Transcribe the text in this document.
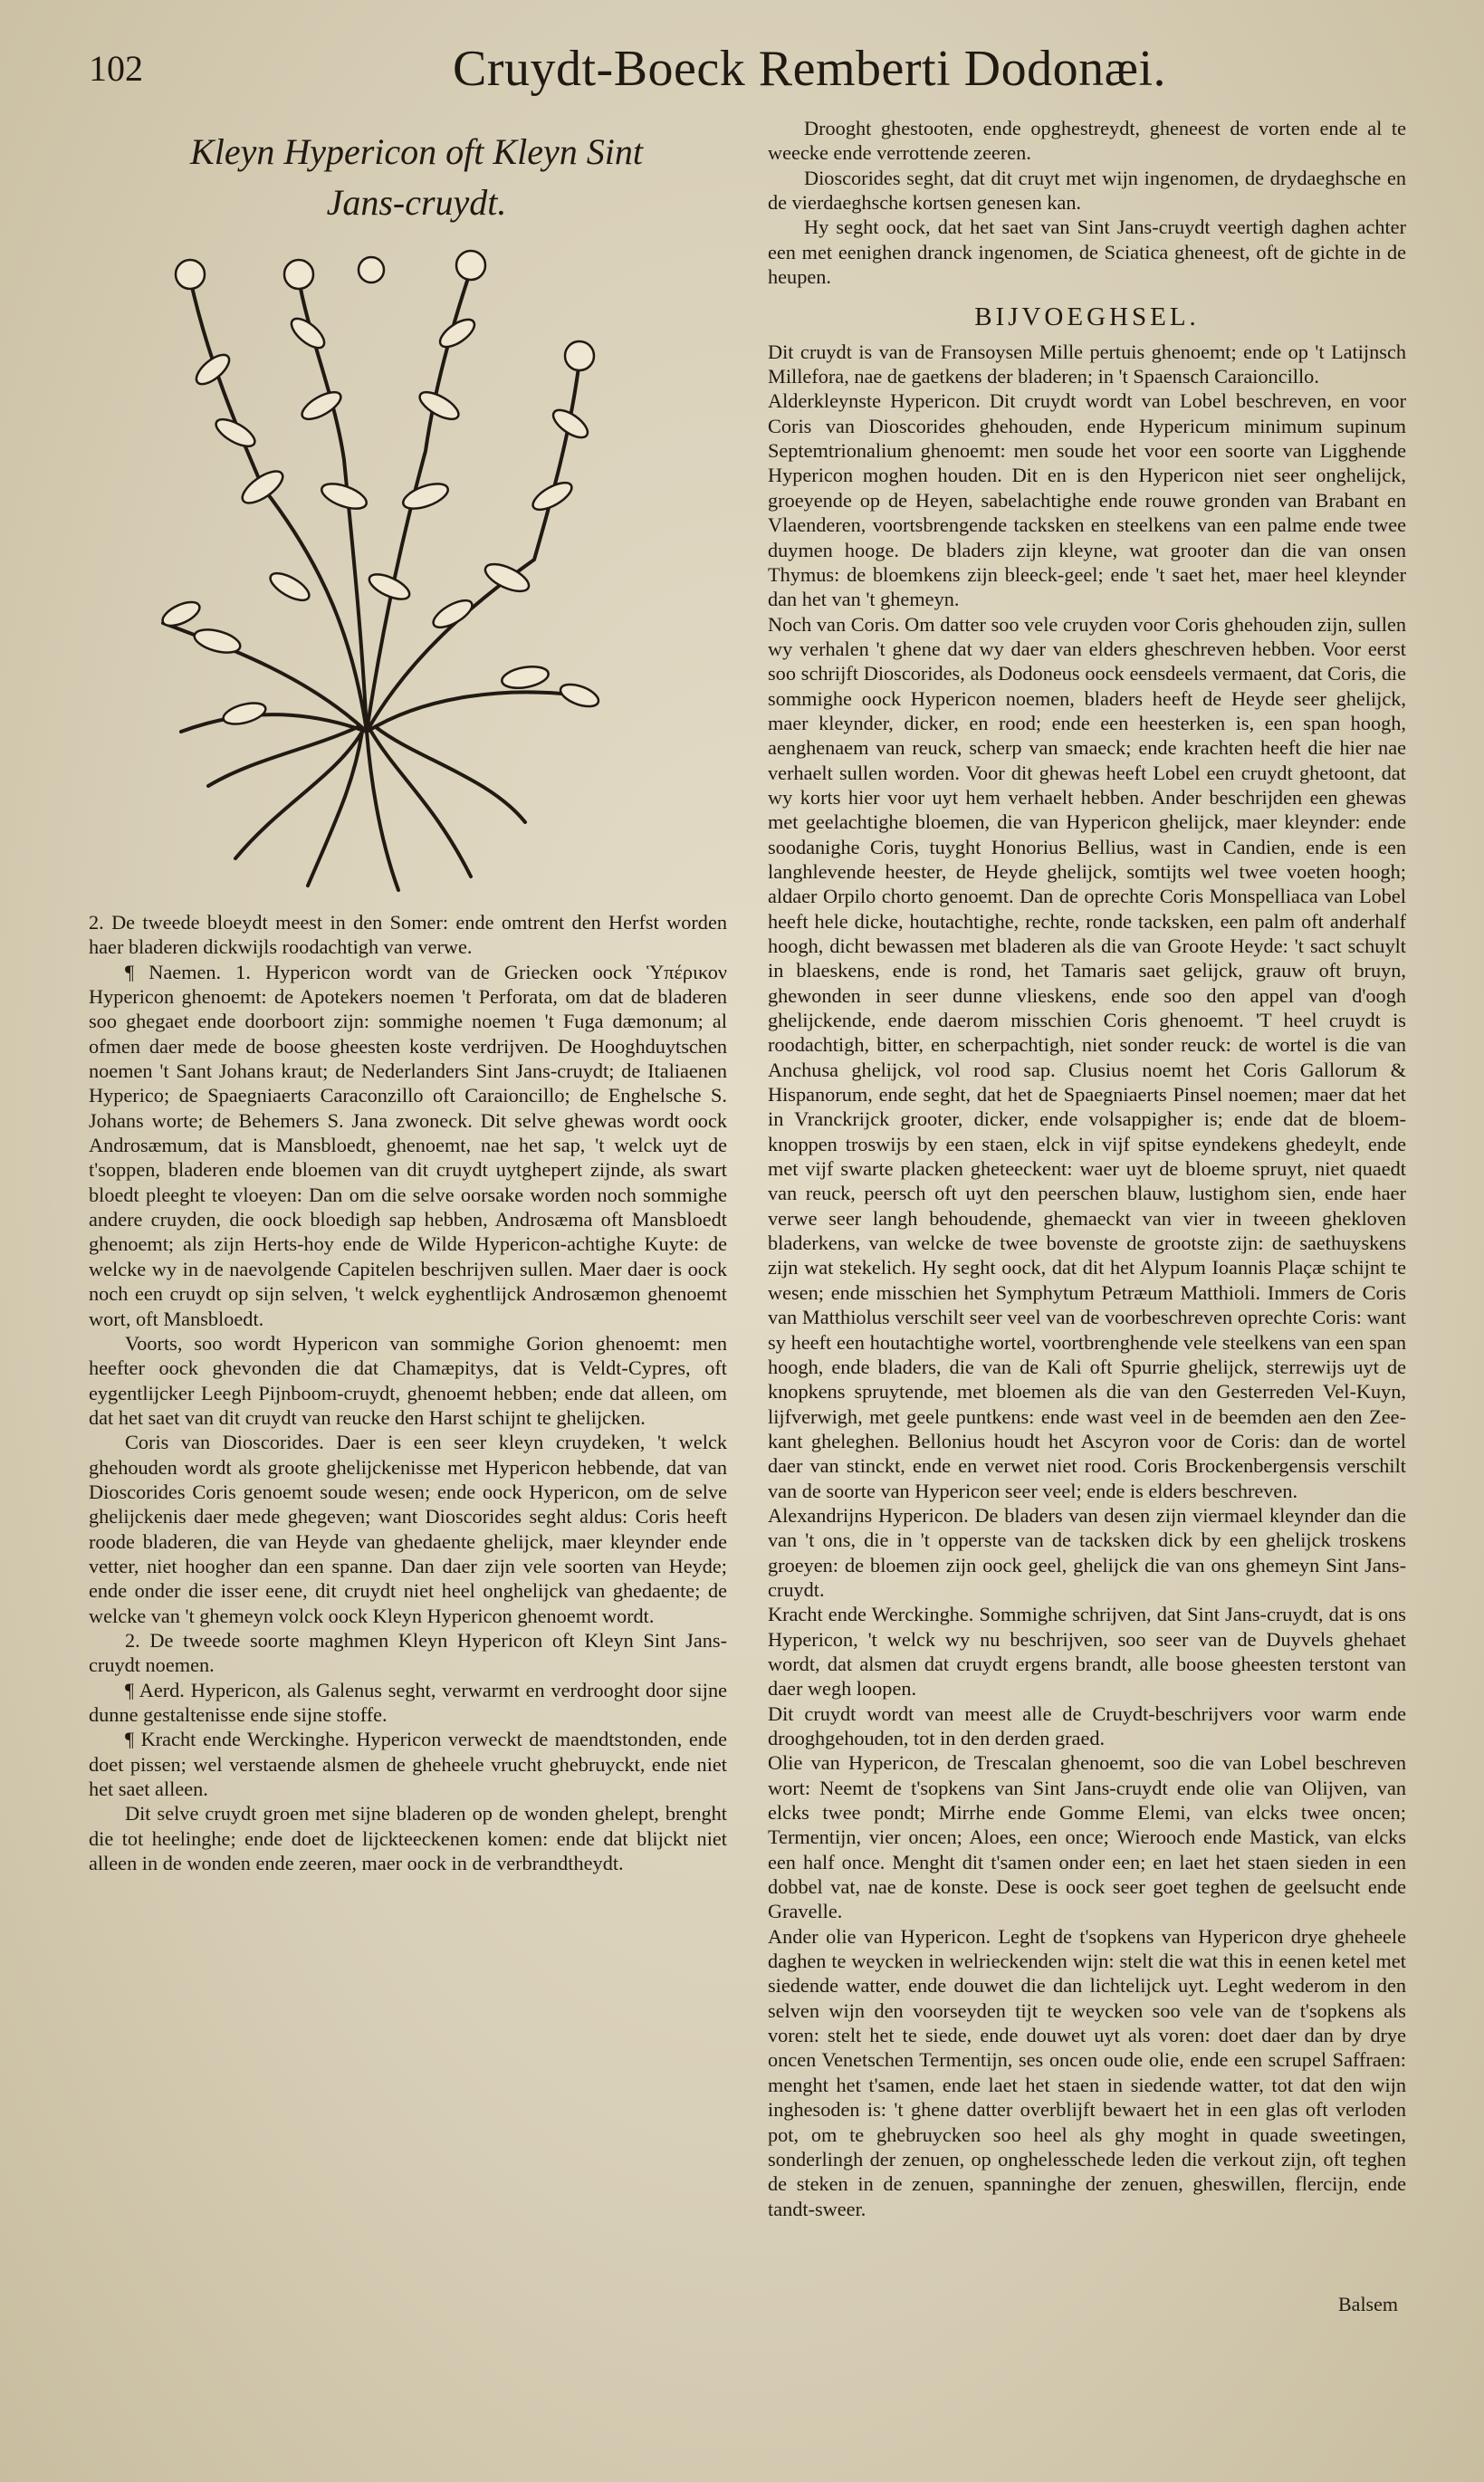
102	Cruydt-Boeck Remberti Dodonæi.
Kleyn Hypericon oft Kleyn Sint
Jans-cruydt.

2. De tweede bloeydt meest in den Somer: ende omtrent den Herfst worden haer bladeren dickwijls roodachtigh van verwe.

¶ Naemen. 1. Hypericon wordt van de Griecken oock Ὑπέρικον Hypericon ghenoemt: de Apotekers noemen 't Perforata, om dat de bladeren soo ghegaet ende doorboort zijn: sommighe noemen 't Fuga dæmonum; al ofmen daer mede de boose gheesten koste verdrijven. De Hooghduytschen noemen 't Sant Johans kraut; de Nederlanders Sint Jans-cruydt; de Italiaenen Hyperico; de Spaegniaerts Caraconzillo oft Caraioncillo; de Enghelsche S. Johans worte; de Behemers S. Jana zwoneck. Dit selve ghewas wordt oock Androsæmum, dat is Mansbloedt, ghenoemt, nae het sap, 't welck uyt de t'soppen, bladeren ende bloemen van dit cruydt uytghepert zijnde, als swart bloedt pleeght te vloeyen: Dan om die selve oorsake worden noch sommighe andere cruyden, die oock bloedigh sap hebben, Androsæma oft Mansbloedt ghenoemt; als zijn Herts-hoy ende de Wilde Hypericon-achtighe Kuyte: de welcke wy in de naevolgende Capitelen beschrijven sullen. Maer daer is oock noch een cruydt op sijn selven, 't welck eyghentlijck Androsæmon ghenoemt wort, oft Mansbloedt.

Voorts, soo wordt Hypericon van sommighe Gorion ghenoemt: men heefter oock ghevonden die dat Chamæpitys, dat is Veldt-Cypres, oft eygentlijcker Leegh Pijnboom-cruydt, ghenoemt hebben; ende dat alleen, om dat het saet van dit cruydt van reucke den Harst schijnt te ghelijcken.

Coris van Dioscorides. Daer is een seer kleyn cruydeken, 't welck ghehouden wordt als groote ghelijckenisse met Hypericon hebbende, dat van Dioscorides Coris genoemt soude wesen; ende oock Hypericon, om de selve ghelijckenis daer mede ghegeven; want Dioscorides seght aldus: Coris heeft roode bladeren, die van Heyde van ghedaente ghelijck, maer kleynder ende vetter, niet hoogher dan een spanne. Dan daer zijn vele soorten van Heyde; ende onder die isser eene, dit cruydt niet heel onghelijck van ghedaente; de welcke van 't ghemeyn volck oock Kleyn Hypericon ghenoemt wordt.

2. De tweede soorte maghmen Kleyn Hypericon oft Kleyn Sint Jans-cruydt noemen.

¶ Aerd. Hypericon, als Galenus seght, verwarmt en verdrooght door sijne dunne gestaltenisse ende sijne stoffe.

¶ Kracht ende Werckinghe. Hypericon verweckt de maendtstonden, ende doet pissen; wel verstaende alsmen de gheheele vrucht ghebruyckt, ende niet het saet alleen.

Dit selve cruydt groen met sijne bladeren op de wonden ghelept, brenght die tot heelinghe; ende doet de lijckteeckenen komen: ende dat blijckt niet alleen in de wonden ende zeeren, maer oock in de verbrandtheydt.

Drooght ghestooten, ende opghestreydt, gheneest de vorten ende al te weecke ende verrottende zeeren.

Dioscorides seght, dat dit cruyt met wijn ingenomen, de drydaeghsche en de vierdaeghsche kortsen genesen kan.

Hy seght oock, dat het saet van Sint Jans-cruydt veertigh daghen achter een met eenighen dranck ingenomen, de Sciatica gheneest, oft de gichte in de heupen.

BIJVOEGHSEL.

Dit cruydt is van de Fransoysen Mille pertuis ghenoemt; ende op 't Latijnsch Millefora, nae de gaetkens der bladeren; in 't Spaensch Caraioncillo.

Alderkleynste Hypericon. Dit cruydt wordt van Lobel beschreven, en voor Coris van Dioscorides ghehouden, ende Hypericum minimum supinum Septemtrionalium ghenoemt: men soude het voor een soorte van Ligghende Hypericon moghen houden. Dit en is den Hypericon niet seer onghelijck, groeyende op de Heyen, sabelachtighe ende rouwe gronden van Brabant en Vlaenderen, voortsbrengende tacksken en steelkens van een palme ende twee duymen hooge. De bladers zijn kleyne, wat grooter dan die van onsen Thymus: de bloemkens zijn bleeck-geel; ende 't saet het, maer heel kleynder dan het van 't ghemeyn.

Noch van Coris. Om datter soo vele cruyden voor Coris ghehouden zijn, sullen wy verhalen 't ghene dat wy daer van elders gheschreven hebben. Voor eerst soo schrijft Dioscorides, als Dodoneus oock eensdeels vermaent, dat Coris, die sommighe oock Hypericon noemen, bladers heeft de Heyde seer ghelijck, maer kleynder, dicker, en rood; ende een heesterken is, een span hoogh, aenghenaem van reuck, scherp van smaeck; ende krachten heeft die hier nae verhaelt sullen worden. Voor dit ghewas heeft Lobel een cruydt ghetoont, dat wy korts hier voor uyt hem verhaelt hebben. Ander beschrijden een ghewas met geelachtighe bloemen, die van Hypericon ghelijck, maer kleynder: ende soodanighe Coris, tuyght Honorius Bellius, wast in Candien, ende is een langhlevende heester, de Heyde ghelijck, somtijts wel twee voeten hoogh; aldaer Orpilo chorto genoemt. Dan de oprechte Coris Monspelliaca van Lobel heeft hele dicke, houtachtighe, rechte, ronde tacksken, een palm oft anderhalf hoogh, dicht bewassen met bladeren als die van Groote Heyde: 't sact schuylt in blaeskens, ende is rond, het Tamaris saet gelijck, grauw oft bruyn, ghewonden in seer dunne vlieskens, ende soo den appel van d'oogh ghelijckende, ende daerom misschien Coris ghenoemt. 'T heel cruydt is roodachtigh, bitter, en scherpachtigh, niet sonder reuck: de wortel is die van Anchusa ghelijck, vol rood sap. Clusius noemt het Coris Gallorum & Hispanorum, ende seght, dat het de Spaegniaerts Pinsel noemen; maer dat het in Vranckrijck grooter, dicker, ende volsappigher is; ende dat de bloem-knoppen troswijs by een staen, elck in vijf spitse eyndekens ghedeylt, ende met vijf swarte placken gheteeckent: waer uyt de bloeme spruyt, niet quaedt van reuck, peersch oft uyt den peerschen blauw, lustighom sien, ende haer verwe seer langh behoudende, ghemaeckt van vier in tweeen ghekloven bladerkens, van welcke de twee bovenste de grootste zijn: de saethuyskens zijn wat stekelich. Hy seght oock, dat dit het Alypum Ioannis Plaçæ schijnt te wesen; ende misschien het Symphytum Petræum Matthioli. Immers de Coris van Matthiolus verschilt seer veel van de voorbeschreven oprechte Coris: want sy heeft een houtachtighe wortel, voortbrenghende vele steelkens van een span hoogh, ende bladers, die van de Kali oft Spurrie ghelijck, sterrewijs uyt de knopkens spruytende, met bloemen als die van den Gesterreden Vel-Kuyn, lijfverwigh, met geele puntkens: ende wast veel in de beemden aen den Zee-kant gheleghen. Bellonius houdt het Ascyron voor de Coris: dan de wortel daer van stinckt, ende en verwet niet rood. Coris Brockenbergensis verschilt van de soorte van Hypericon seer veel; ende is elders beschreven.

Alexandrijns Hypericon. De bladers van desen zijn viermael kleynder dan die van 't ons, die in 't opperste van de tacksken dick by een ghelijck troskens groeyen: de bloemen zijn oock geel, ghelijck die van ons ghemeyn Sint Jans-cruydt.

Kracht ende Werckinghe. Sommighe schrijven, dat Sint Jans-cruydt, dat is ons Hypericon, 't welck wy nu beschrijven, soo seer van de Duyvels ghehaet wordt, dat alsmen dat cruydt ergens brandt, alle boose gheesten terstont van daer wegh loopen.

Dit cruydt wordt van meest alle de Cruydt-beschrijvers voor warm ende drooghgehouden, tot in den derden graed.

Olie van Hypericon, de Trescalan ghenoemt, soo die van Lobel beschreven wort: Neemt de t'sopkens van Sint Jans-cruydt ende olie van Olijven, van elcks twee pondt; Mirrhe ende Gomme Elemi, van elcks twee oncen; Termentijn, vier oncen; Aloes, een once; Wierooch ende Mastick, van elcks een half once. Menght dit t'samen onder een; en laet het staen sieden in een dobbel vat, nae de konste. Dese is oock seer goet teghen de geelsucht ende Gravelle.

Ander olie van Hypericon. Leght de t'sopkens van Hypericon drye gheheele daghen te weycken in welrieckenden wijn: stelt die wat this in eenen ketel met siedende watter, ende douwet die dan lichtelijck uyt. Leght wederom in den selven wijn den voorseyden tijt te weycken soo vele van de t'sopkens als voren: stelt het te siede, ende douwet uyt als voren: doet daer dan by drye oncen Venetschen Termentijn, ses oncen oude olie, ende een scrupel Saffraen: menght het t'samen, ende laet het staen in siedende watter, tot dat den wijn inghesoden is: 't ghene datter overblijft bewaert het in een glas oft verloden pot, om te ghebruycken soo heel als ghy moght in quade sweetingen, sonderlingh der zenuen, op onghelesschede leden die verkout zijn, oft teghen de steken in de zenuen, spanninghe der zenuen, gheswillen, flercijn, ende tandt-sweer.

Balsem
